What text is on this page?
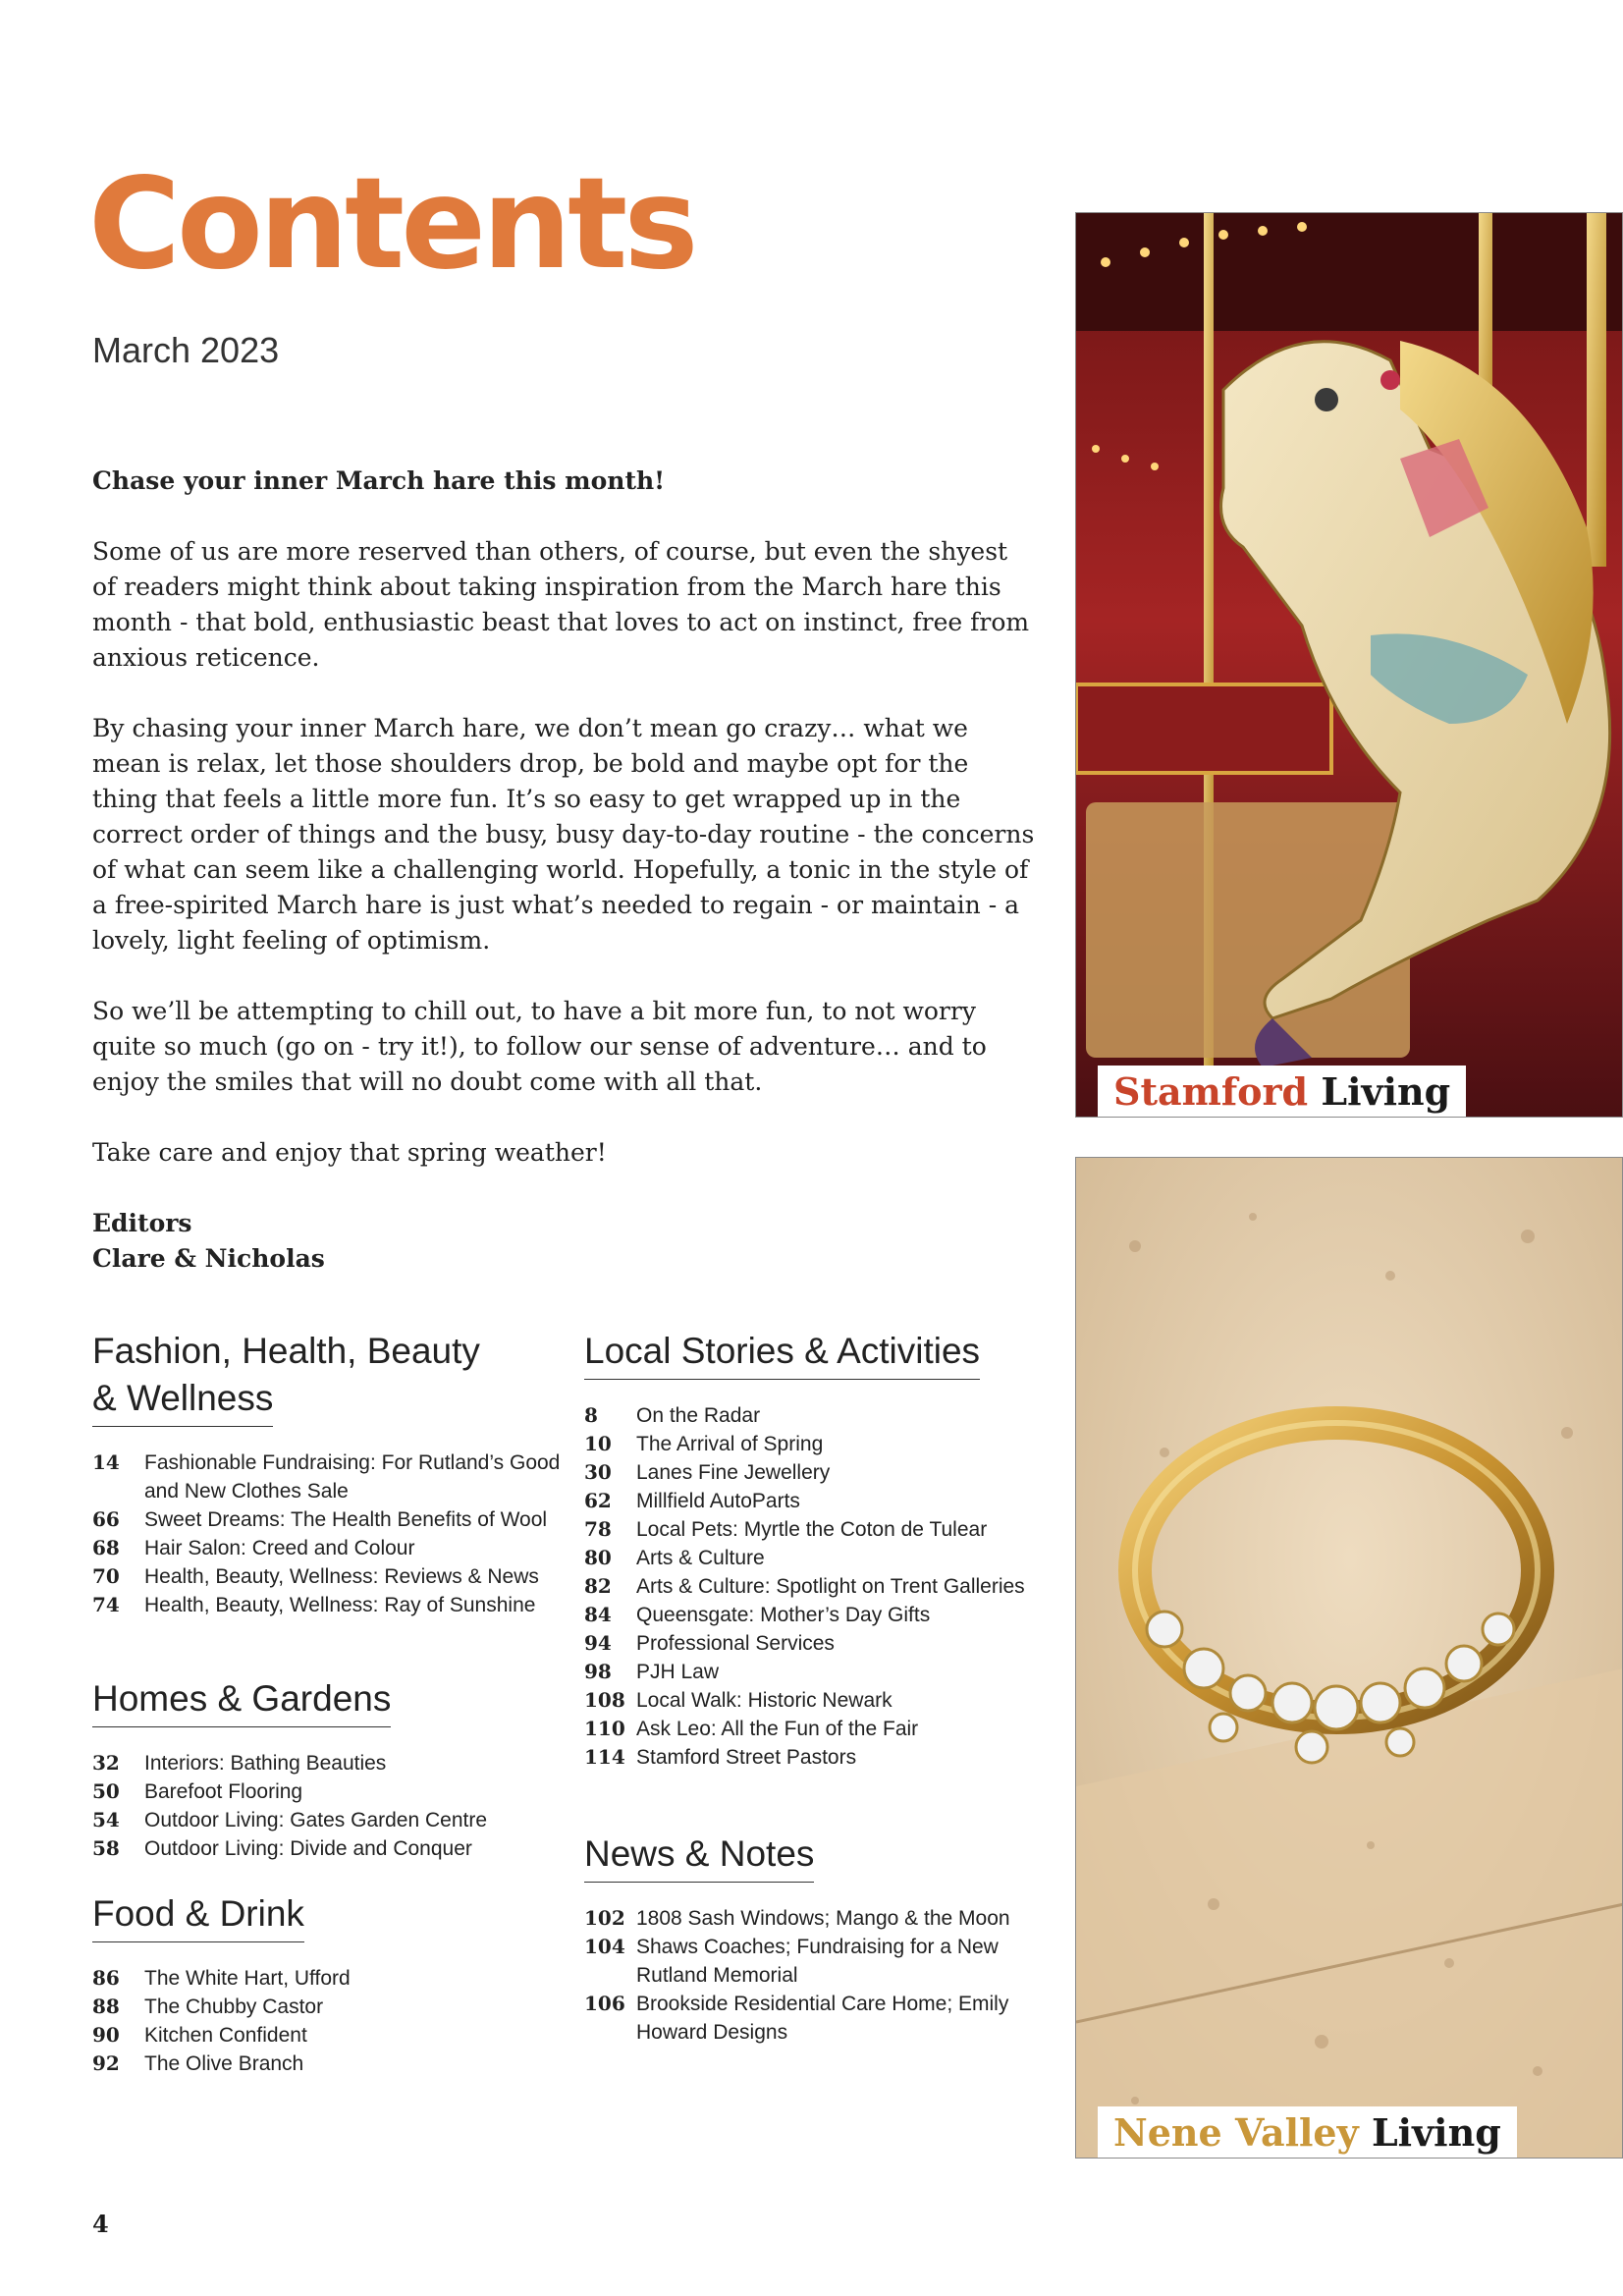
Contents
March 2023

Chase your inner March hare this month!

Some of us are more reserved than others, of course, but even the shyest of readers might think about taking inspiration from the March hare this month - that bold, enthusiastic beast that loves to act on instinct, free from anxious reticence.

By chasing your inner March hare, we don’t mean go crazy… what we mean is relax, let those shoulders drop, be bold and maybe opt for the thing that feels a little more fun. It’s so easy to get wrapped up in the correct order of things and the busy, busy day-to-day routine - the concerns of what can seem like a challenging world. Hopefully, a tonic in the style of a free-spirited March hare is just what’s needed to regain - or maintain - a lovely, light feeling of optimism.

So we’ll be attempting to chill out, to have a bit more fun, to not worry quite so much (go on - try it!), to follow our sense of adventure… and to enjoy the smiles that will no doubt come with all that.

Take care and enjoy that spring weather!

Editors

Clare & Nicholas

Fashion, Health, Beauty
& Wellness
14	Fashionable Fundraising: For Rutland’s Good and New Clothes Sale
66	Sweet Dreams: The Health Benefits of Wool
68	Hair Salon: Creed and Colour
70	Health, Beauty, Wellness: Reviews & News
74	Health, Beauty, Wellness: Ray of Sunshine
Homes & Gardens
32	Interiors: Bathing Beauties
50	Barefoot Flooring
54	Outdoor Living: Gates Garden Centre
58	Outdoor Living: Divide and Conquer
Food & Drink
86	The White Hart, Ufford
88	The Chubby Castor
90	Kitchen Confident
92	The Olive Branch
Local Stories & Activities
8	On the Radar
10	The Arrival of Spring
30	Lanes Fine Jewellery
62	Millfield AutoParts
78	Local Pets: Myrtle the Coton de Tulear
80	Arts & Culture
82	Arts & Culture: Spotlight on Trent Galleries
84	Queensgate: Mother’s Day Gifts
94	Professional Services
98	PJH Law
108 Local Walk: Historic Newark
110 Ask Leo: All the Fun of the Fair
114 Stamford Street Pastors
News & Notes
102 1808 Sash Windows; Mango & the Moon
104 Shaws Coaches; Fundraising for a New Rutland Memorial
106 Brookside Residential Care Home; Emily Howard Designs
Stamford Living
Nene Valley Living
4
